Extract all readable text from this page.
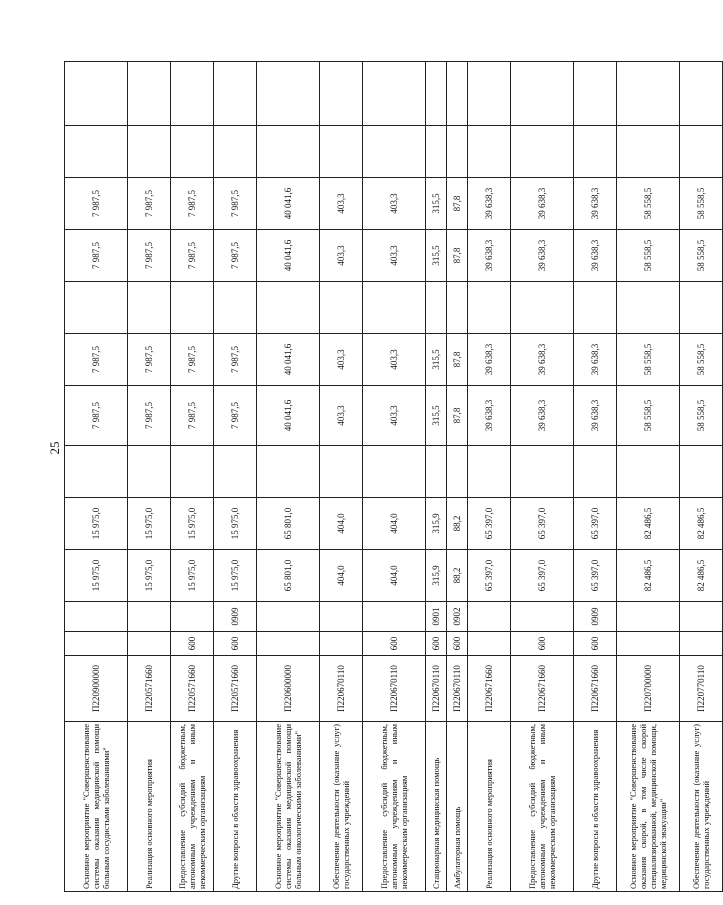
25
Основное мероприятие "Совершенствование системы оказания медицинской помощи больным сосудистыми заболеваниями"	П220900000			15 975,0	15 975,0		7 987,5	7 987,5		7 987,5	7 987,5		
Реализация основного мероприятия	П220571660			15 975,0	15 975,0		7 987,5	7 987,5		7 987,5	7 987,5		
Предоставление субсидий бюджетным, автономным учреждениям и иным некоммерческим организациям	П220571660	600		15 975,0	15 975,0		7 987,5	7 987,5		7 987,5	7 987,5		
Другие вопросы в области здравоохранения	П220571660	600	0909	15 975,0	15 975,0		7 987,5	7 987,5		7 987,5	7 987,5		
Основное мероприятие "Совершенствование системы оказания медицинской помощи больным онкологическими заболеваниями"	П220600000			65 801,0	65 801,0		40 041,6	40 041,6		40 041,6	40 041,6		
Обеспечение деятельности (оказание услуг) государственных учреждений	П220670110			404,0	404,0		403,3	403,3		403,3	403,3		
Предоставление субсидий бюджетным, автономным учреждениям и иным некоммерческим организациям	П220670110	600		404,0	404,0		403,3	403,3		403,3	403,3		
Стационарная медицинская помощь	П220670110	600	0901	315,9	315,9		315,5	315,5		315,5	315,5		
Амбулаторная помощь	П220670110	600	0902	88,2	88,2		87,8	87,8		87,8	87,8		
Реализация основного мероприятия	П220671660			65 397,0	65 397,0		39 638,3	39 638,3		39 638,3	39 638,3		
Предоставление субсидий бюджетным, автономным учреждениям и иным некоммерческим организациям	П220671660	600		65 397,0	65 397,0		39 638,3	39 638,3		39 638,3	39 638,3		
Другие вопросы в области здравоохранения	П220671660	600	0909	65 397,0	65 397,0		39 638,3	39 638,3		39 638,3	39 638,3		
Основное мероприятие "Совершенствование оказания скорой, в том числе скорой специализированной, медицинской помощи, медицинской эвакуации"	П220700000			82 486,5	82 486,5		58 558,5	58 558,5		58 558,5	58 558,5		
Обеспечение деятельности (оказание услуг) государственных учреждений	П220770110			82 486,5	82 486,5		58 558,5	58 558,5		58 558,5	58 558,5		
